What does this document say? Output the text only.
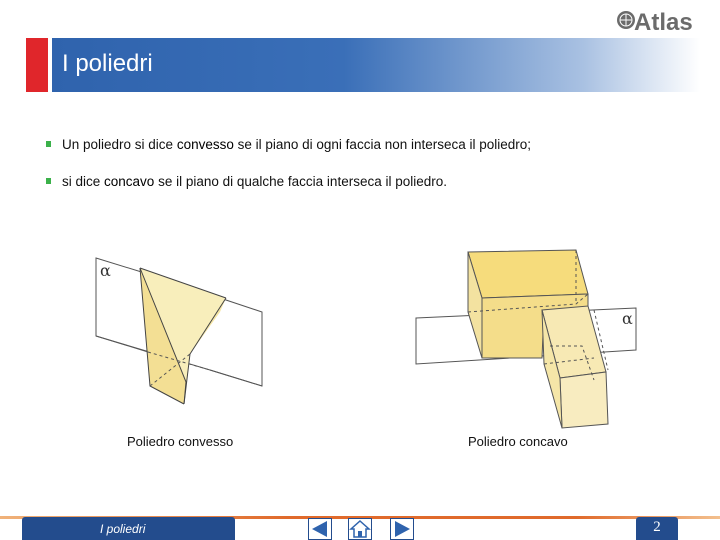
Atlas
I poliedri
Un poliedro si dice convesso se il piano di ogni faccia non interseca il poliedro;
si dice concavo se il piano di qualche faccia interseca il poliedro.
α
Poliedro convesso
α
Poliedro concavo
I poliedri	2
